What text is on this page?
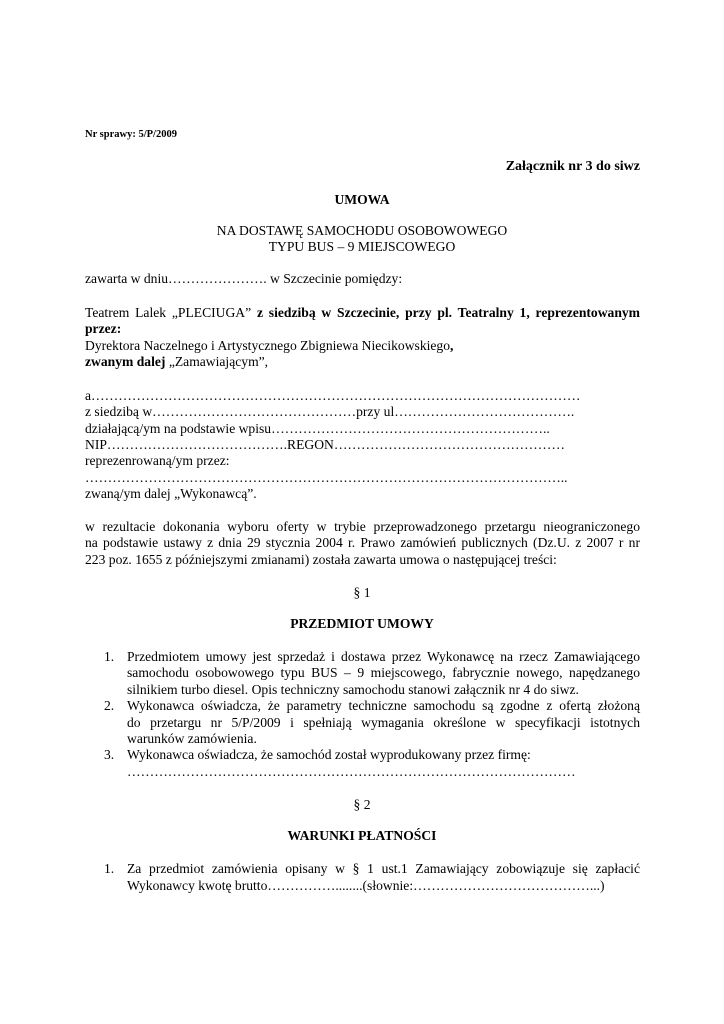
Nr sprawy: 5/P/2009
Załącznik nr 3 do siwz
UMOWA
NA DOSTAWĘ SAMOCHODU OSOBOWOWEGO
TYPU BUS – 9 MIEJSCOWEGO
zawarta w dniu…………………. w Szczecinie pomiędzy:
Teatrem Lalek „PLECIUGA” z siedzibą w Szczecinie, przy pl. Teatralny 1, reprezentowanym
przez:
Dyrektora Naczelnego i Artystycznego Zbigniewa Niecikowskiego,
zwanym dalej „Zamawiającym”,
a………………………………………………………………………………………………
z siedzibą w………………………………………przy ul………………………………….
działającą/ym na podstawie wpisu……………………………………………………..
NIP………………………………….REGON……………………………………………
reprezenrowaną/ym przez:
……………………………………………………………………………………………..
zwaną/ym dalej „Wykonawcą”.
w rezultacie dokonania wyboru oferty w trybie przeprowadzonego przetargu nieograniczonego
na podstawie ustawy z dnia 29 stycznia 2004 r. Prawo zamówień publicznych (Dz.U. z 2007 r nr
223 poz. 1655 z późniejszymi zmianami) została zawarta umowa o następującej treści:
§ 1
PRZEDMIOT UMOWY
1. Przedmiotem umowy jest sprzedaż i dostawa przez Wykonawcę na rzecz Zamawiającego
samochodu osobowowego typu BUS – 9 miejscowego, fabrycznie nowego, napędzanego
silnikiem turbo diesel. Opis techniczny samochodu stanowi załącznik nr 4 do siwz.
2. Wykonawca oświadcza, że parametry techniczne samochodu są zgodne z ofertą złożoną
do przetargu nr 5/P/2009 i spełniają wymagania określone w specyfikacji istotnych
warunków zamówienia.
3. Wykonawca oświadcza, że samochód został wyprodukowany przez firmę:
………………………………………………………………………………………
§ 2
WARUNKI PŁATNOŚCI
1. Za przedmiot zamówienia opisany w § 1 ust.1 Zamawiający zobowiązuje się zapłacić
Wykonawcy kwotę brutto……………........(słownie:…………………………………...)
